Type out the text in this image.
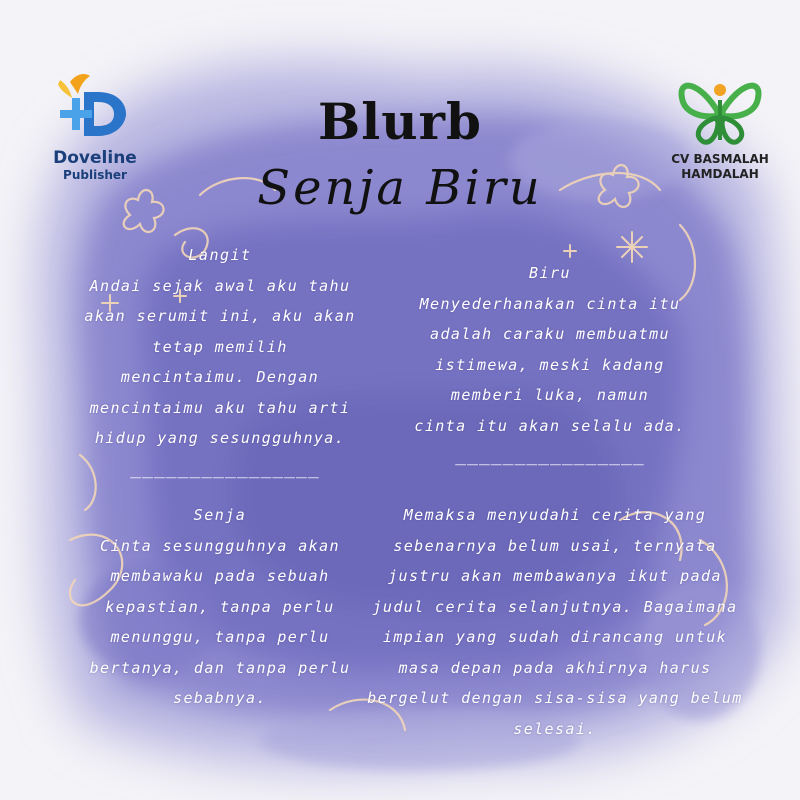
Doveline
Publisher
CV BASMALAH
HAMDALAH
Blurb
Senja Biru

Langit

Andai sejak awal aku tahu

akan serumit ini, aku akan

tetap memilih

mencintaimu. Dengan

mencintaimu aku tahu arti

hidup yang sesungguhnya.

________________

Biru

Menyederhanakan cinta itu

adalah caraku membuatmu

istimewa, meski kadang

memberi luka, namun

cinta itu akan selalu ada.

________________

Senja

Cinta sesungguhnya akan

membawaku pada sebuah

kepastian, tanpa perlu

menunggu, tanpa perlu

bertanya, dan tanpa perlu

sebabnya.

Memaksa menyudahi cerita yang

sebenarnya belum usai, ternyata

justru akan membawanya ikut pada

judul cerita selanjutnya. Bagaimana

impian yang sudah dirancang untuk

masa depan pada akhirnya harus

bergelut dengan sisa-sisa yang belum

selesai.
